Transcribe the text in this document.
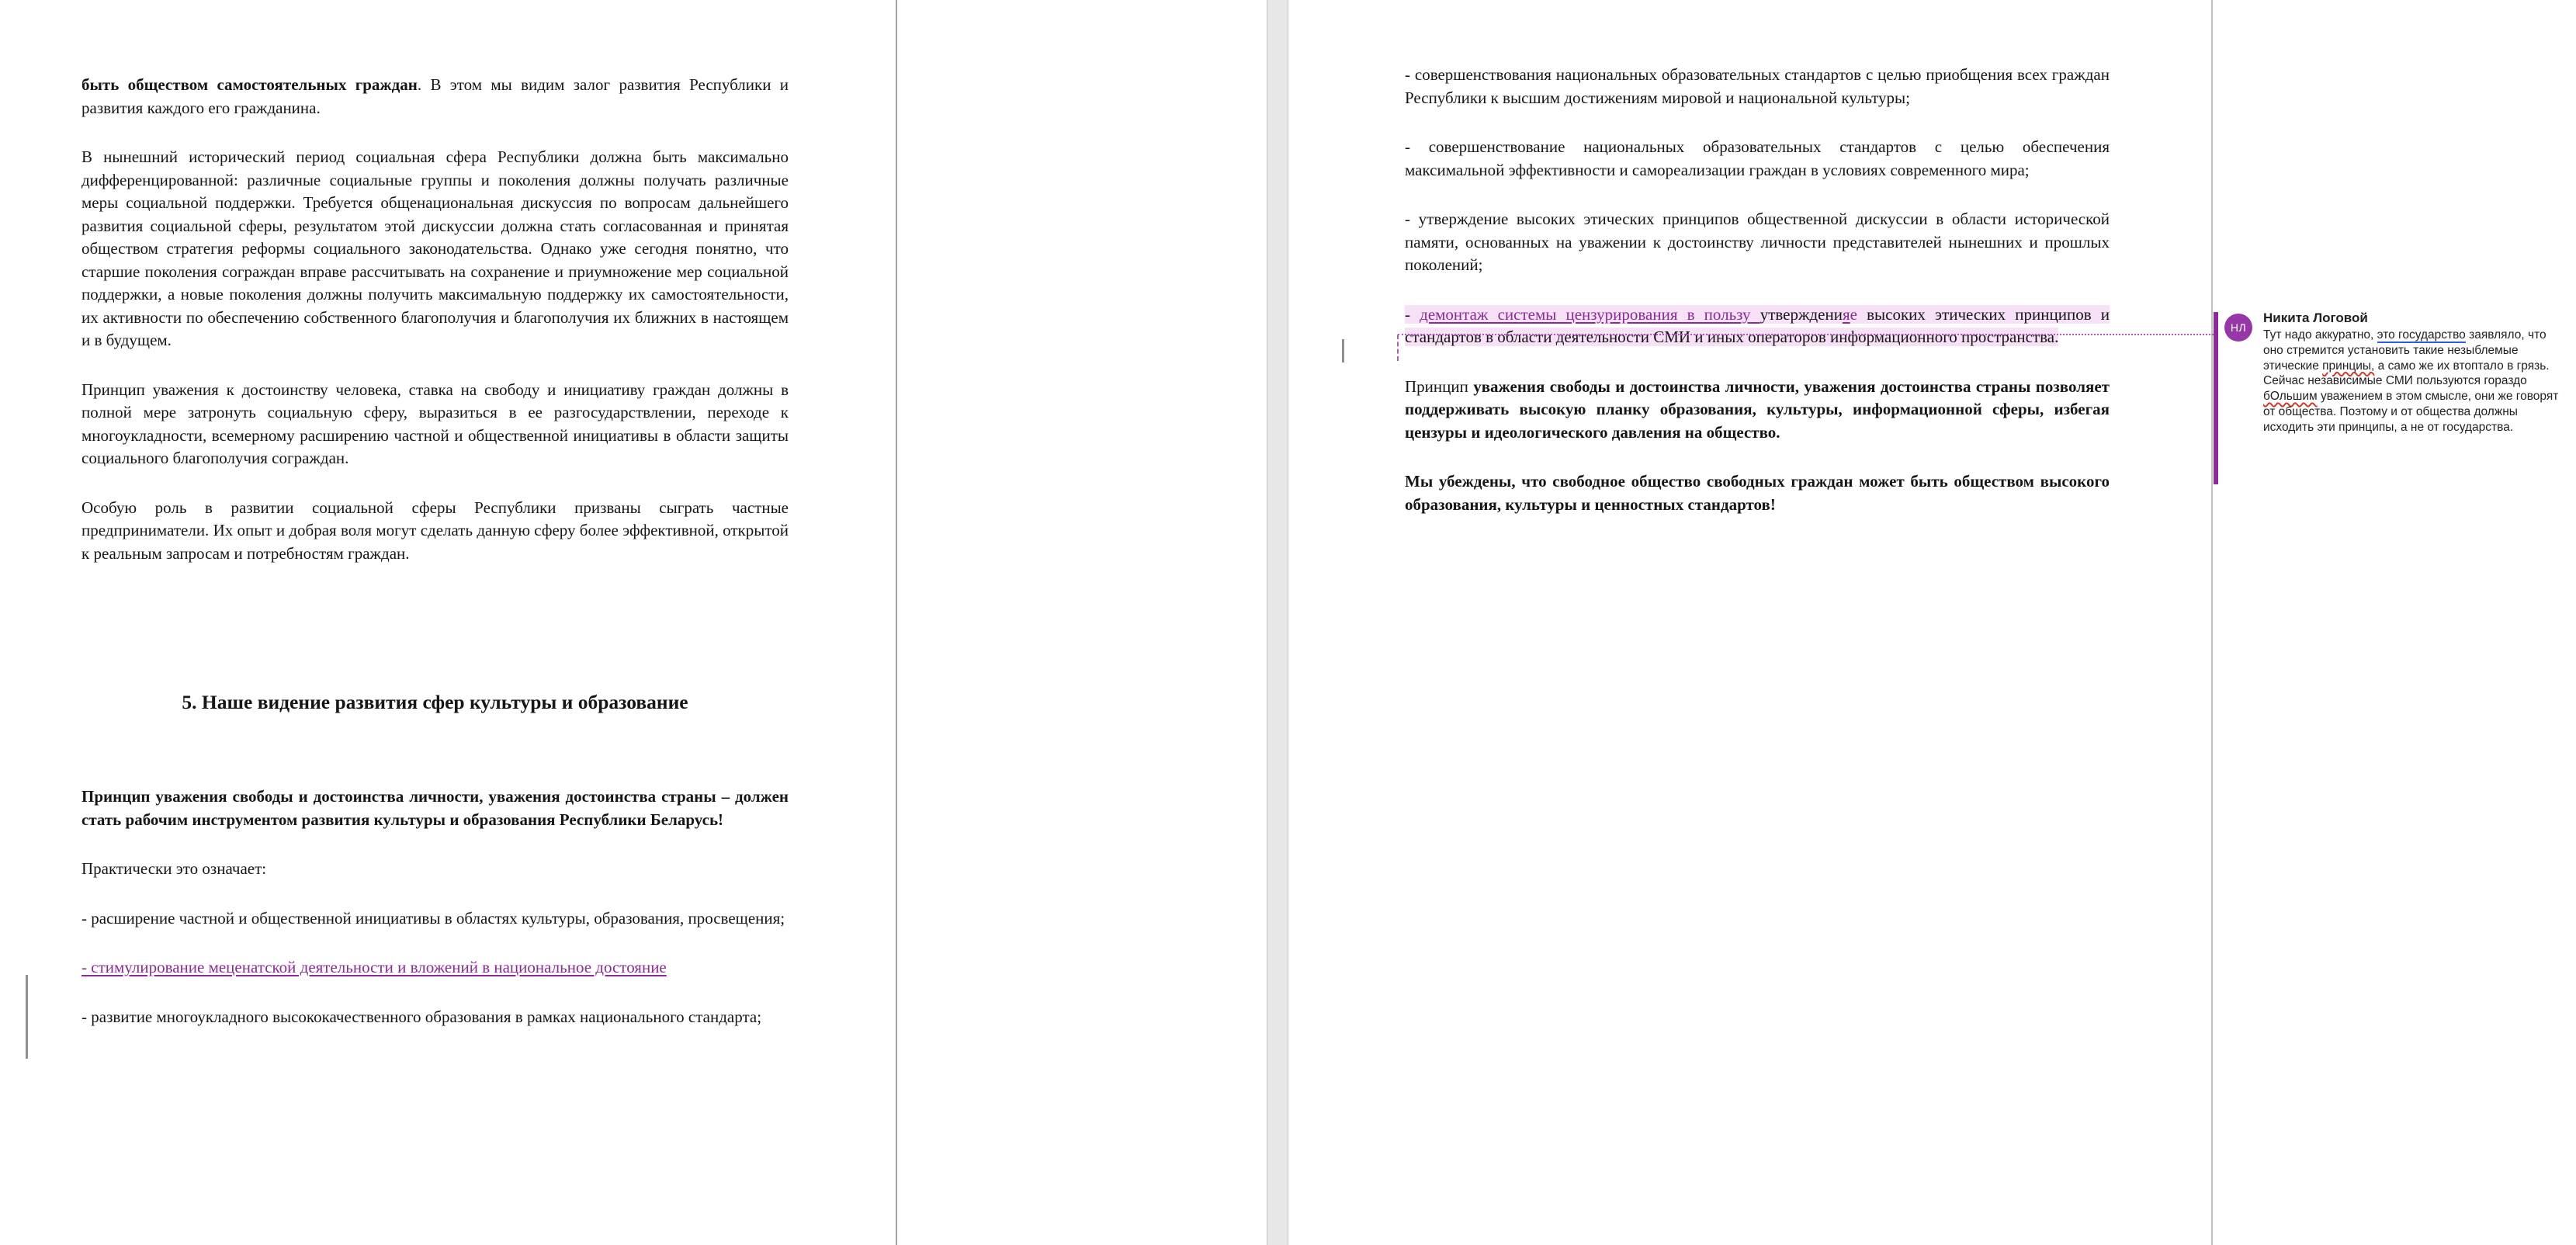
быть обществом самостоятельных граждан. В этом мы видим залог развития Республики и развития каждого его гражданина.
В нынешний исторический период социальная сфера Республики должна быть максимально дифференцированной: различные социальные группы и поколения должны получать различные меры социальной поддержки. Требуется общенациональная дискуссия по вопросам дальнейшего развития социальной сферы, результатом этой дискуссии должна стать согласованная и принятая обществом стратегия реформы социального законодательства. Однако уже сегодня понятно, что старшие поколения сограждан вправе рассчитывать на сохранение и приумножение мер социальной поддержки, а новые поколения должны получить максимальную поддержку их самостоятельности, их активности по обеспечению собственного благополучия и благополучия их ближних в настоящем и в будущем.
Принцип уважения к достоинству человека, ставка на свободу и инициативу граждан должны в полной мере затронуть социальную сферу, выразиться в ее разгосударствлении, переходе к многоукладности, всемерному расширению частной и общественной инициативы в области защиты социального благополучия сограждан.
Особую роль в развитии социальной сферы Республики призваны сыграть частные предприниматели. Их опыт и добрая воля могут сделать данную сферу более эффективной, открытой к реальным запросам и потребностям граждан.
5. Наше видение развития сфер культуры и образование
Принцип уважения свободы и достоинства личности, уважения достоинства страны – должен стать рабочим инструментом развития культуры и образования Республики Беларусь!
Практически это означает:
- расширение частной и общественной инициативы в областях культуры, образования, просвещения;
- стимулирование меценатской деятельности и вложений в национальное достояние
- развитие многоукладного высококачественного образования в рамках национального стандарта;
- совершенствования национальных образовательных стандартов с целью приобщения всех граждан Республики к высшим достижениям мировой и национальной культуры;
- совершенствование национальных образовательных стандартов с целью обеспечения максимальной эффективности и самореализации граждан в условиях современного мира;
- утверждение высоких этических принципов общественной дискуссии в области исторической памяти, основанных на уважении к достоинству личности представителей нынешних и прошлых поколений;
- демонтаж системы цензурирования в пользу утвержденияе высоких этических принципов и стандартов в области деятельности СМИ и иных операторов информационного пространства.
Принцип уважения свободы и достоинства личности, уважения достоинства страны позволяет поддерживать высокую планку образования, культуры, информационной сферы, избегая цензуры и идеологического давления на общество.
Мы убеждены, что свободное общество свободных граждан может быть обществом высокого образования, культуры и ценностных стандартов!
НЛ
Никита Логовой
Тут надо аккуратно, это государство заявляло, что оно стремится установить такие незыблемые этические принциы, а само же их втоптало в грязь. Сейчас независимые СМИ пользуются гораздо бОльшим уважением в этом смысле, они же говорят от общества. Поэтому и от общества должны исходить эти принципы, а не от государства.
